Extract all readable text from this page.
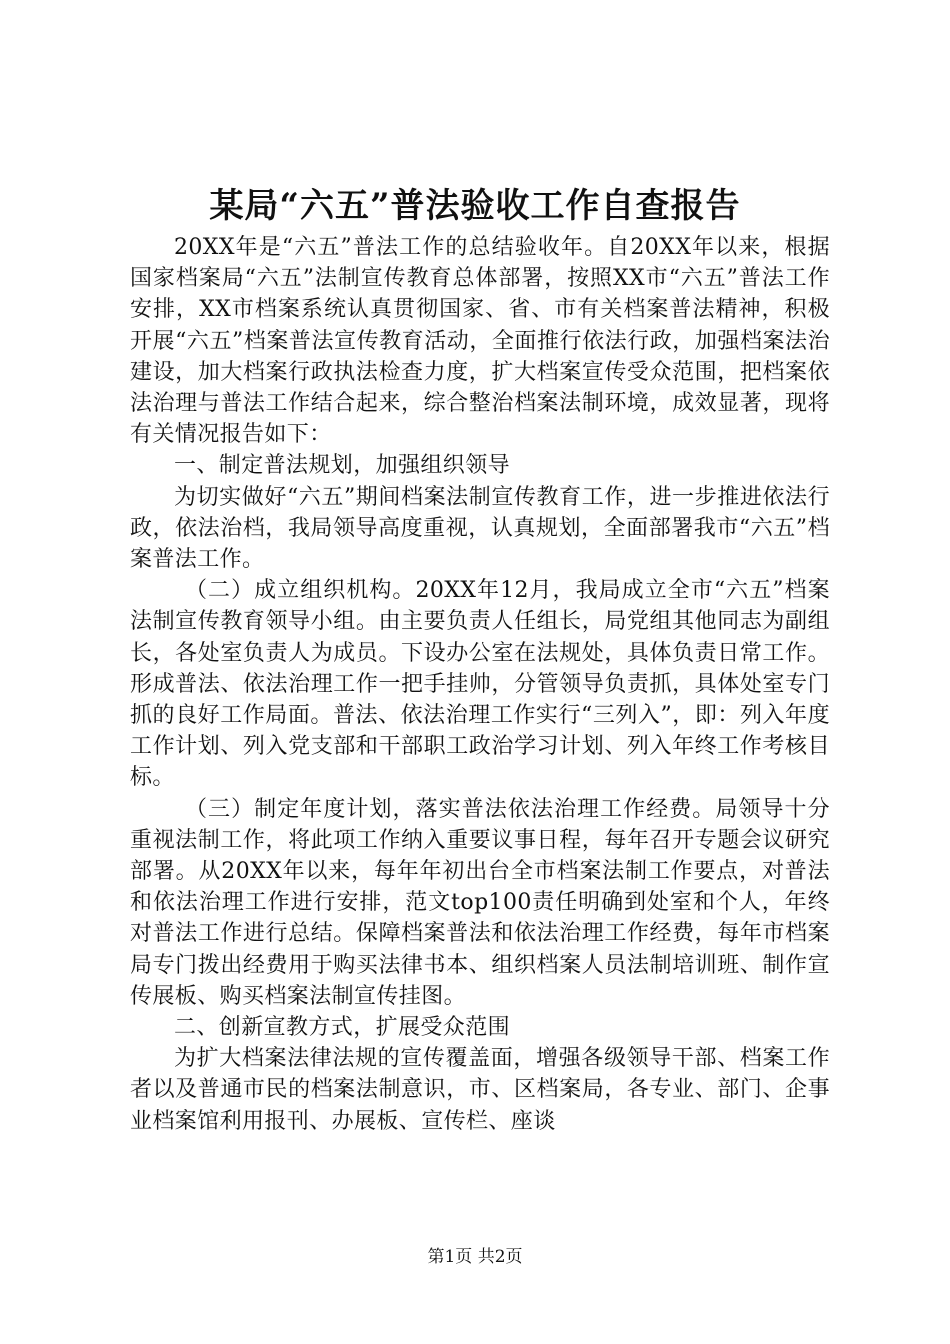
某局“六五”普法验收工作自查报告

20XX年是“六五”普法工作的总结验收年。自20XX年以来，根据国家档案局“六五”法制宣传教育总体部署，按照XX市“六五”普法工作安排，XX市档案系统认真贯彻国家、省、市有关档案普法精神，积极开展“六五”档案普法宣传教育活动，全面推行依法行政，加强档案法治建设，加大档案行政执法检查力度，扩大档案宣传受众范围，把档案依法治理与普法工作结合起来，综合整治档案法制环境，成效显著，现将有关情况报告如下：

一、制定普法规划，加强组织领导

为切实做好“六五”期间档案法制宣传教育工作，进一步推进依法行政，依法治档，我局领导高度重视，认真规划，全面部署我市“六五”档案普法工作。

（二）成立组织机构。20XX年12月，我局成立全市“六五”档案法制宣传教育领导小组。由主要负责人任组长，局党组其他同志为副组长，各处室负责人为成员。下设办公室在法规处，具体负责日常工作。形成普法、依法治理工作一把手挂帅，分管领导负责抓，具体处室专门抓的良好工作局面。普法、依法治理工作实行“三列入”，即：列入年度工作计划、列入党支部和干部职工政治学习计划、列入年终工作考核目标。

（三）制定年度计划，落实普法依法治理工作经费。局领导十分重视法制工作，将此项工作纳入重要议事日程，每年召开专题会议研究部署。从20XX年以来，每年年初出台全市档案法制工作要点，对普法和依法治理工作进行安排，范文top100责任明确到处室和个人，年终对普法工作进行总结。保障档案普法和依法治理工作经费，每年市档案局专门拨出经费用于购买法律书本、组织档案人员法制培训班、制作宣传展板、购买档案法制宣传挂图。

二、创新宣教方式，扩展受众范围

为扩大档案法律法规的宣传覆盖面，增强各级领导干部、档案工作者以及普通市民的档案法制意识，市、区档案局，各专业、部门、企事业档案馆利用报刊、办展板、宣传栏、座谈

第1页 共2页
